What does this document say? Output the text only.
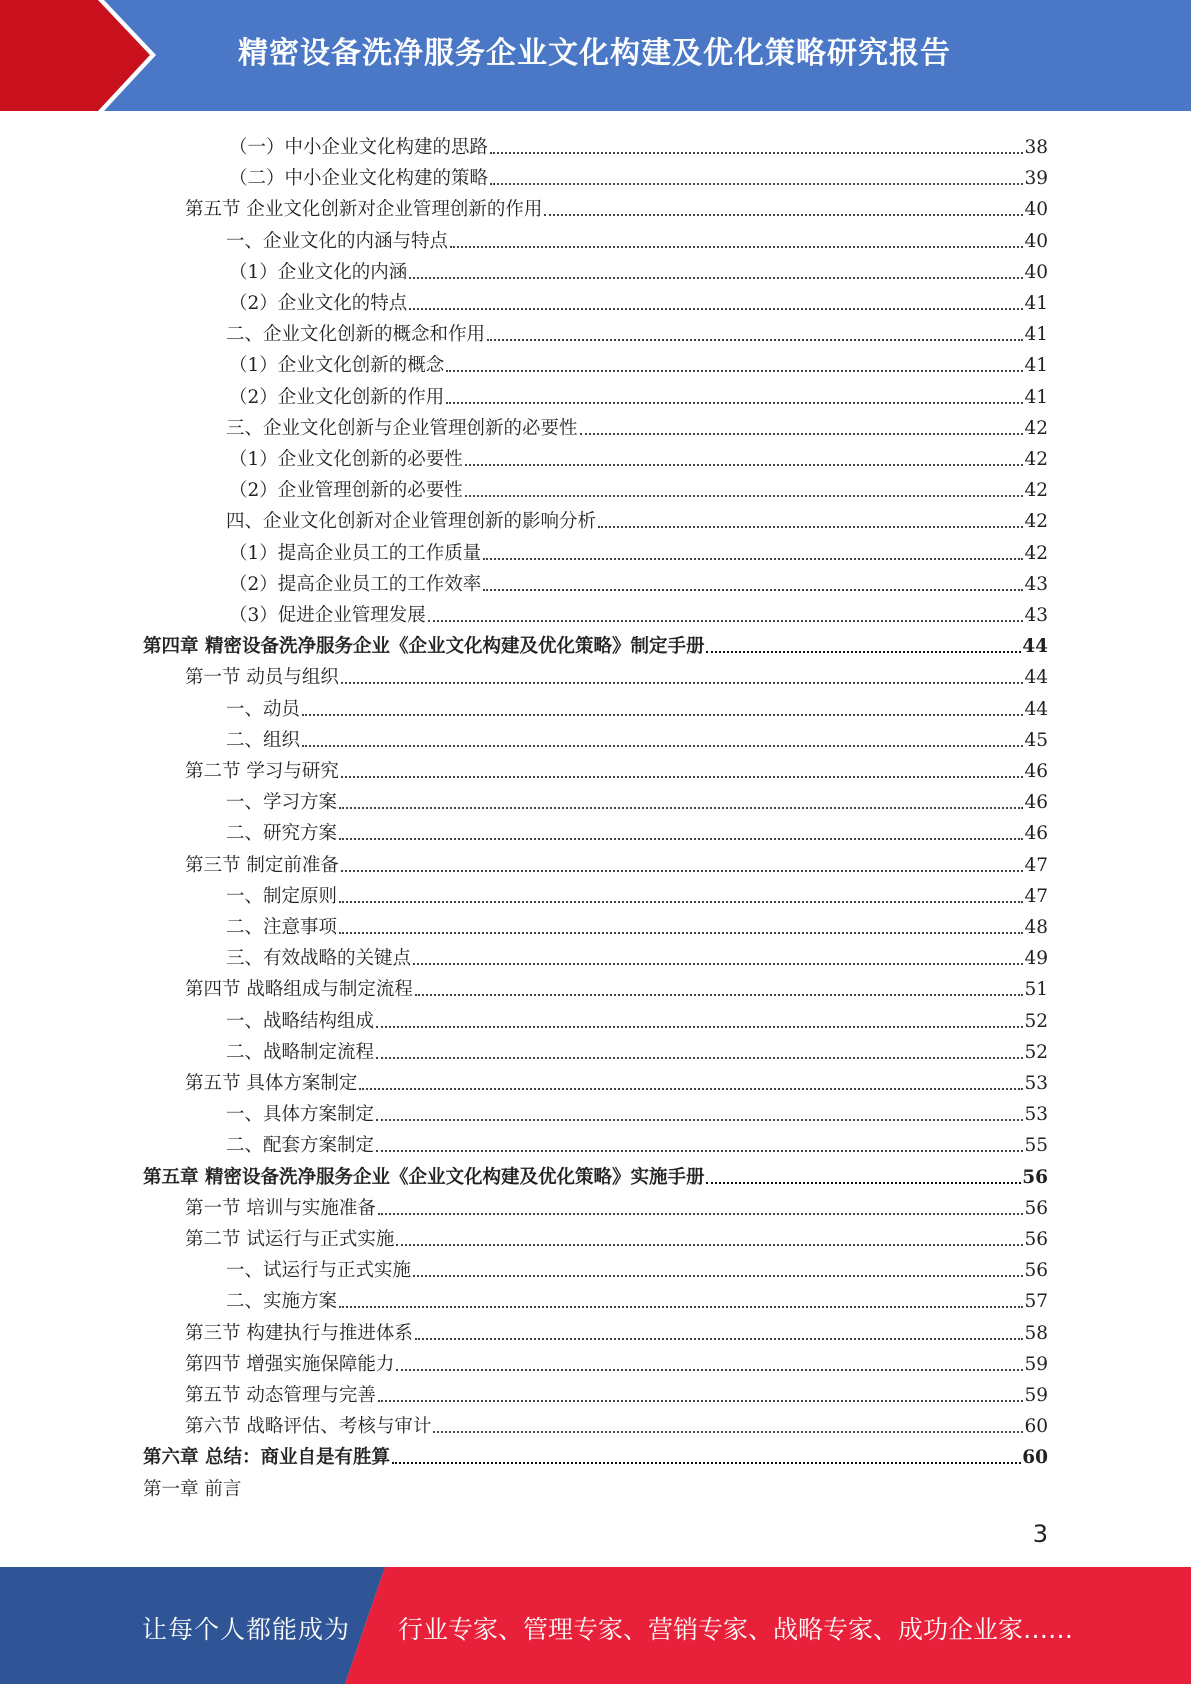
精密设备洗净服务企业文化构建及优化策略研究报告
（一）中小企业文化构建的思路	38
（二）中小企业文化构建的策略	39
第五节 企业文化创新对企业管理创新的作用	40
一、企业文化的内涵与特点	40
（1）企业文化的内涵	40
（2）企业文化的特点	41
二、企业文化创新的概念和作用	41
（1）企业文化创新的概念	41
（2）企业文化创新的作用	41
三、企业文化创新与企业管理创新的必要性	42
（1）企业文化创新的必要性	42
（2）企业管理创新的必要性	42
四、企业文化创新对企业管理创新的影响分析	42
（1）提高企业员工的工作质量	42
（2）提高企业员工的工作效率	43
（3）促进企业管理发展	43
第四章 精密设备洗净服务企业《企业文化构建及优化策略》制定手册	44
第一节 动员与组织	44
一、动员	44
二、组织	45
第二节 学习与研究	46
一、学习方案	46
二、研究方案	46
第三节 制定前准备	47
一、制定原则	47
二、注意事项	48
三、有效战略的关键点	49
第四节 战略组成与制定流程	51
一、战略结构组成	52
二、战略制定流程	52
第五节 具体方案制定	53
一、具体方案制定	53
二、配套方案制定	55
第五章 精密设备洗净服务企业《企业文化构建及优化策略》实施手册	56
第一节 培训与实施准备	56
第二节 试运行与正式实施	56
一、试运行与正式实施	56
二、实施方案	57
第三节 构建执行与推进体系	58
第四节 增强实施保障能力	59
第五节 动态管理与完善	59
第六节 战略评估、考核与审计	60
第六章 总结：商业自是有胜算	60
第一章 前言
3
让每个人都能成为 行业专家、管理专家、营销专家、战略专家、成功企业家……
